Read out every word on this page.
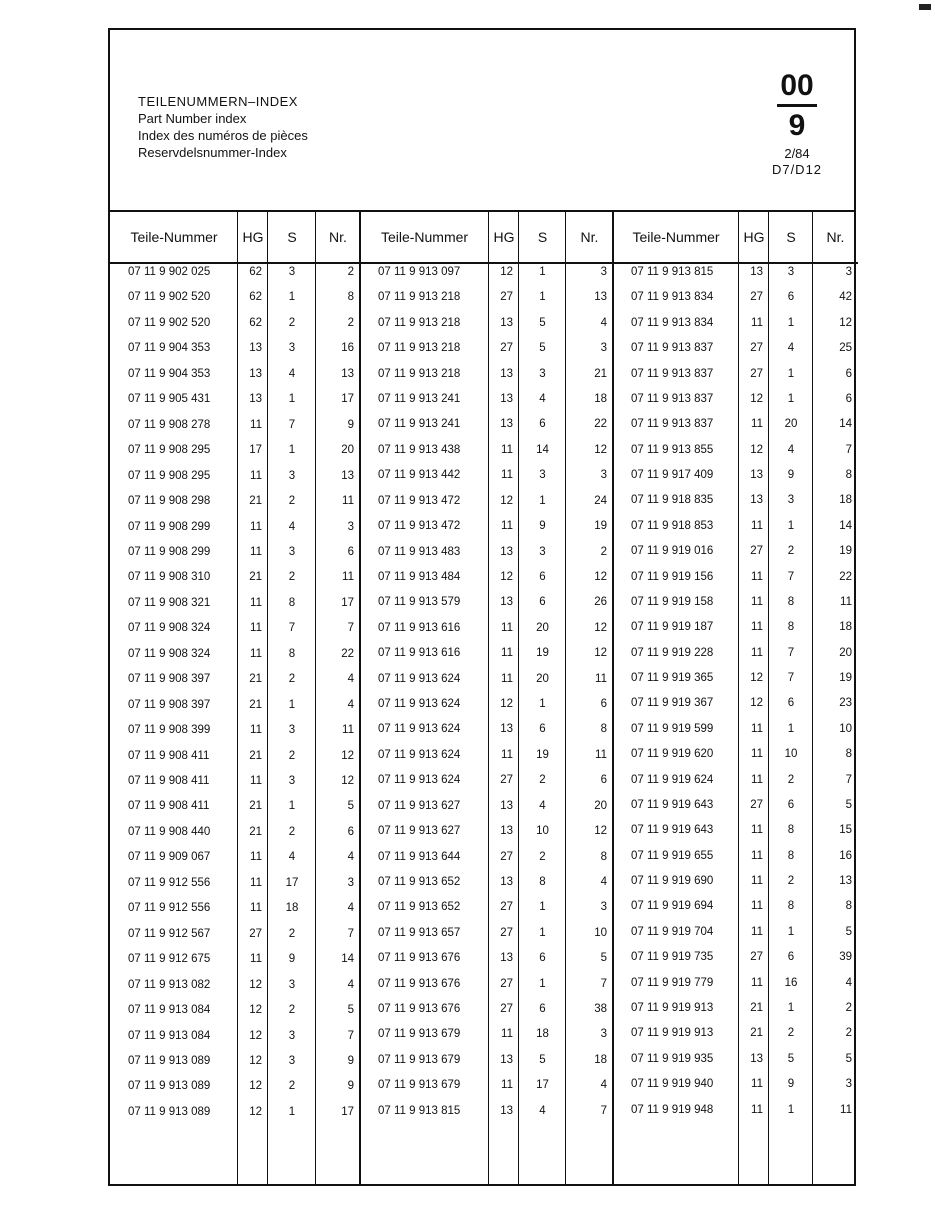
TEILENUMMERN–INDEX
Part Number index
Index des numéros de pièces
Reservdelsnummer-Index
00
9
2/84
D7/D12
Teile-Nummer	HG	S	Nr.
07 11 9 902 025	62	3	2
07 11 9 902 520	62	1	8
07 11 9 902 520	62	2	2
07 11 9 904 353	13	3	16
07 11 9 904 353	13	4	13
07 11 9 905 431	13	1	17
07 11 9 908 278	11	7	9
07 11 9 908 295	17	1	20
07 11 9 908 295	11	3	13
07 11 9 908 298	21	2	11
07 11 9 908 299	11	4	3
07 11 9 908 299	11	3	6
07 11 9 908 310	21	2	11
07 11 9 908 321	11	8	17
07 11 9 908 324	11	7	7
07 11 9 908 324	11	8	22
07 11 9 908 397	21	2	4
07 11 9 908 397	21	1	4
07 11 9 908 399	11	3	11
07 11 9 908 411	21	2	12
07 11 9 908 411	11	3	12
07 11 9 908 411	21	1	5
07 11 9 908 440	21	2	6
07 11 9 909 067	11	4	4
07 11 9 912 556	11	17	3
07 11 9 912 556	11	18	4
07 11 9 912 567	27	2	7
07 11 9 912 675	11	9	14
07 11 9 913 082	12	3	4
07 11 9 913 084	12	2	5
07 11 9 913 084	12	3	7
07 11 9 913 089	12	3	9
07 11 9 913 089	12	2	9
07 11 9 913 089	12	1	17
Teile-Nummer	HG	S	Nr.
07 11 9 913 097	12	1	3
07 11 9 913 218	27	1	13
07 11 9 913 218	13	5	4
07 11 9 913 218	27	5	3
07 11 9 913 218	13	3	21
07 11 9 913 241	13	4	18
07 11 9 913 241	13	6	22
07 11 9 913 438	11	14	12
07 11 9 913 442	11	3	3
07 11 9 913 472	12	1	24
07 11 9 913 472	11	9	19
07 11 9 913 483	13	3	2
07 11 9 913 484	12	6	12
07 11 9 913 579	13	6	26
07 11 9 913 616	11	20	12
07 11 9 913 616	11	19	12
07 11 9 913 624	11	20	11
07 11 9 913 624	12	1	6
07 11 9 913 624	13	6	8
07 11 9 913 624	11	19	11
07 11 9 913 624	27	2	6
07 11 9 913 627	13	4	20
07 11 9 913 627	13	10	12
07 11 9 913 644	27	2	8
07 11 9 913 652	13	8	4
07 11 9 913 652	27	1	3
07 11 9 913 657	27	1	10
07 11 9 913 676	13	6	5
07 11 9 913 676	27	1	7
07 11 9 913 676	27	6	38
07 11 9 913 679	11	18	3
07 11 9 913 679	13	5	18
07 11 9 913 679	11	17	4
07 11 9 913 815	13	4	7
Teile-Nummer	HG	S	Nr.
07 11 9 913 815	13	3	3
07 11 9 913 834	27	6	42
07 11 9 913 834	11	1	12
07 11 9 913 837	27	4	25
07 11 9 913 837	27	1	6
07 11 9 913 837	12	1	6
07 11 9 913 837	11	20	14
07 11 9 913 855	12	4	7
07 11 9 917 409	13	9	8
07 11 9 918 835	13	3	18
07 11 9 918 853	11	1	14
07 11 9 919 016	27	2	19
07 11 9 919 156	11	7	22
07 11 9 919 158	11	8	11
07 11 9 919 187	11	8	18
07 11 9 919 228	11	7	20
07 11 9 919 365	12	7	19
07 11 9 919 367	12	6	23
07 11 9 919 599	11	1	10
07 11 9 919 620	11	10	8
07 11 9 919 624	11	2	7
07 11 9 919 643	27	6	5
07 11 9 919 643	11	8	15
07 11 9 919 655	11	8	16
07 11 9 919 690	11	2	13
07 11 9 919 694	11	8	8
07 11 9 919 704	11	1	5
07 11 9 919 735	27	6	39
07 11 9 919 779	11	16	4
07 11 9 919 913	21	1	2
07 11 9 919 913	21	2	2
07 11 9 919 935	13	5	5
07 11 9 919 940	11	9	3
07 11 9 919 948	11	1	11
